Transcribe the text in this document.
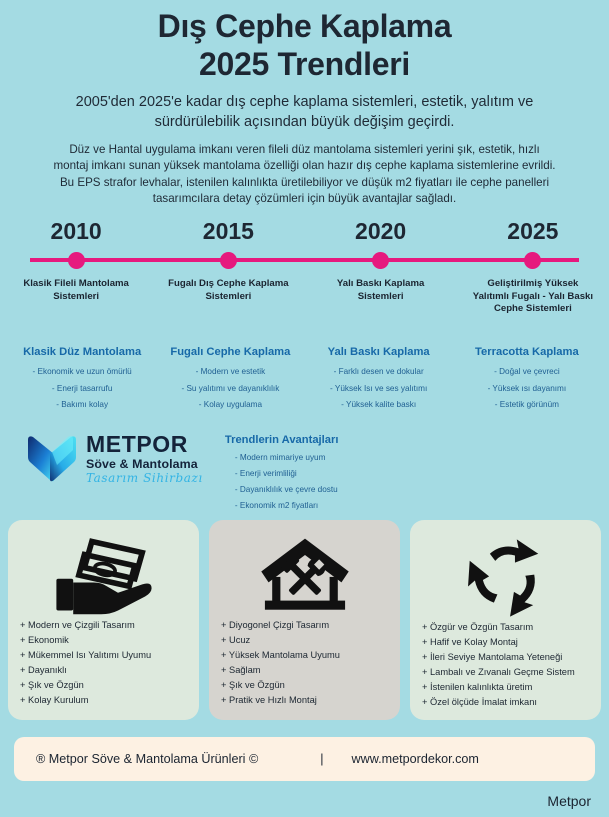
Dış Cephe Kaplama
2025 Trendleri
2005'den 2025'e kadar dış cephe kaplama sistemleri, estetik, yalıtım ve sürdürülebilik açısından büyük değişim geçirdi.
Düz ve Hantal uygulama imkanı veren fileli düz mantolama sistemleri yerini şık, estetik, hızlı montaj imkanı sunan yüksek mantolama özelliği olan hazır dış cephe kaplama sistemlerine evrildi. Bu EPS strafor levhalar, istenilen kalınlıkta üretilebiliyor ve düşük m2 fiyatları ile cephe panelleri tasarımcılara detay çözümleri için büyük avantajlar sağladı.
2010
Klasik Fileli Mantolama Sistemleri
2015
Fugalı Dış Cephe Kaplama Sistemleri
2020
Yalı Baskı Kaplama Sistemleri
2025
Geliştirilmiş Yüksek Yalıtımlı Fugalı - Yalı Baskı Cephe Sistemleri
Klasik Düz Mantolama
- Ekonomik ve uzun ömürlü
- Enerji tasarrufu
- Bakımı kolay
Fugalı Cephe Kaplama
- Modern ve estetik
- Su yalıtımı ve dayanıklılık
- Kolay uygulama
Yalı Baskı Kaplama
- Farklı desen ve dokular
- Yüksek Isı ve ses yalıtımı
- Yüksek kalite baskı
Terracotta Kaplama
- Doğal ve çevreci
- Yüksek ısı dayanımı
- Estetik görünüm
METPOR
Söve & Mantolama
Tasarım Sihirbazı
Trendlerin Avantajları
- Modern mimariye uyum
- Enerji verimliliği
- Dayanıklılık ve çevre dostu
- Ekonomik m2 fiyatları
+ Modern ve Çizgili Tasarım
+ Ekonomik
+ Mükemmel Isı Yalıtımı Uyumu
+ Dayanıklı
+ Şık ve Özgün
+ Kolay Kurulum
+ Diyogonel Çizgi Tasarım
+ Ucuz
+ Yüksek Mantolama Uyumu
+ Sağlam
+ Şık ve Özgün
+ Pratik ve Hızlı Montaj
+ Özgür ve Özgün Tasarım
+ Hafif ve Kolay Montaj
+ İleri Seviye Mantolama Yeteneği
+ Lambalı ve Zıvanalı Geçme Sistem
+ İstenilen kalınlıkta üretim
+ Özel ölçüde İmalat imkanı
® Metpor Söve & Mantolama Ürünleri ©	| www.metpordekor.com
Metpor
